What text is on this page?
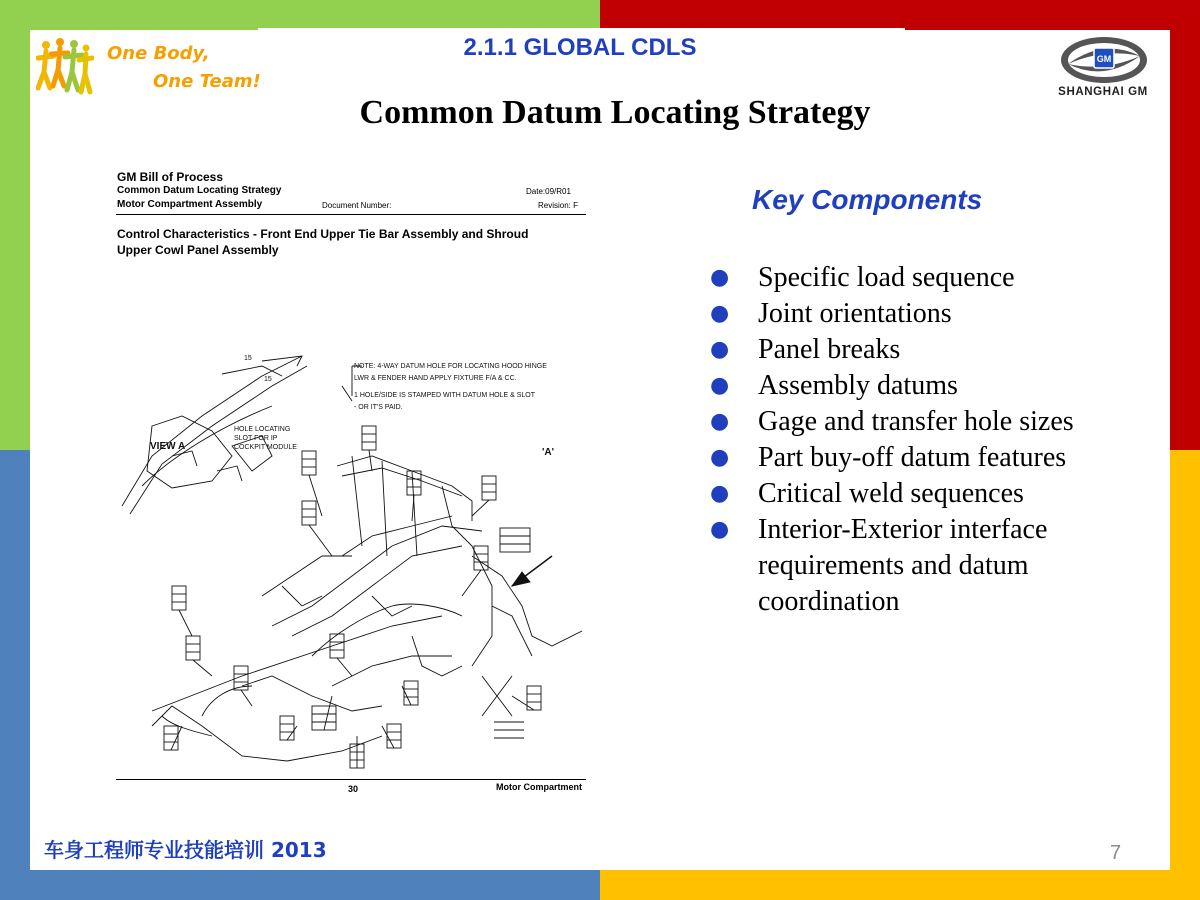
One Body,
One Team!
2.1.1 GLOBAL CDLS
Common Datum Locating Strategy
GM
SHANGHAI GM
GM Bill of Process
Common Datum Locating Strategy
Motor Compartment Assembly
Date:09/R01
Document Number:	Revision: F
Control Characteristics - Front End Upper Tie Bar Assembly and Shroud
Upper Cowl Panel Assembly
15
15
HOLE LOCATING
SLOT FOR IP
COCKPIT MODULE
NOTE: 4-WAY DATUM HOLE FOR LOCATING HOOD HINGE
LWR & FENDER HAND APPLY FIXTURE F/A & CC.
1 HOLE/SIDE IS STAMPED WITH DATUM HOLE & SLOT
- OR IT'S PAID.
VIEW A
'A'
30	Motor Compartment
Key Components
● Specific load sequence
● Joint orientations
● Panel breaks
● Assembly datums
● Gage and transfer hole sizes
● Part buy-off datum features
● Critical weld sequences
● Interior-Exterior interface requirements and datum coordination
车身工程师专业技能培训 2013	7
